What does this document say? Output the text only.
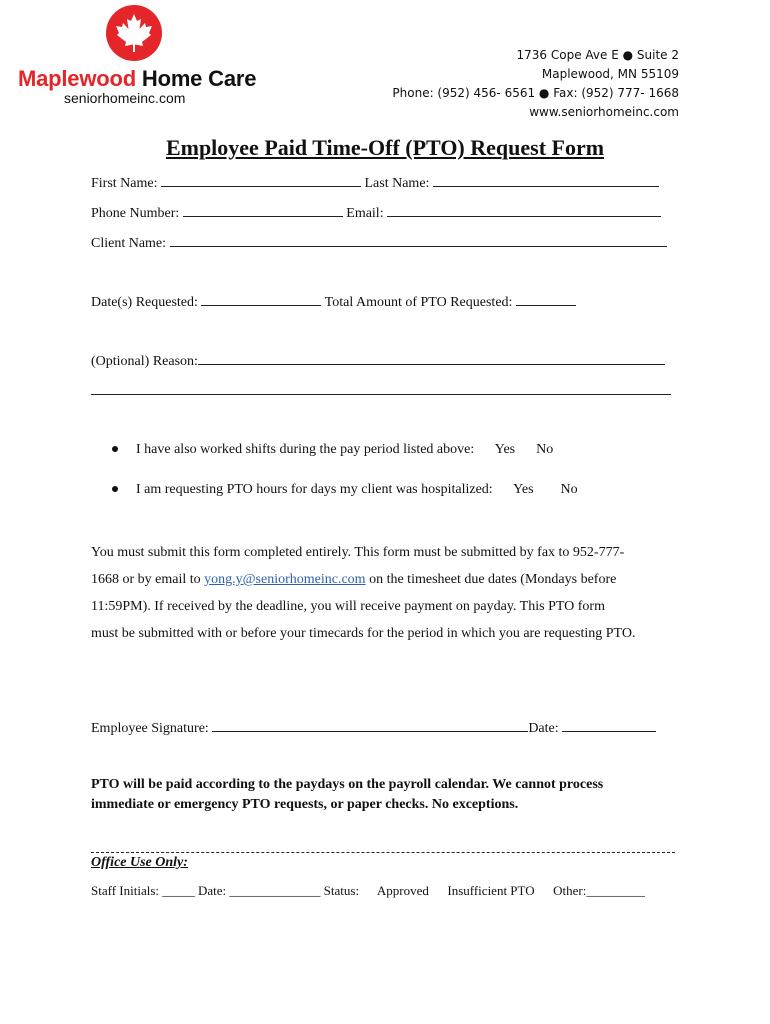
Maplewood Home Care
seniorhomeinc.com
1736 Cope Ave E ● Suite 2
Maplewood, MN 55109
Phone: (952) 456- 6561 ● Fax: (952) 777- 1668
www.seniorhomeinc.com
Employee Paid Time-Off (PTO) Request Form
First Name:	Last Name:
Phone Number:	Email:
Client Name:
Date(s) Requested:	Total Amount of PTO Requested:
(Optional) Reason:
I have also worked shifts during the pay period listed above: Yes No
I am requesting PTO hours for days my client was hospitalized: Yes No
You must submit this form completed entirely. This form must be submitted by fax to 952-777-
1668 or by email to yong.y@seniorhomeinc.com on the timesheet due dates (Mondays before
11:59PM). If received by the deadline, you will receive payment on payday. This PTO form
must be submitted with or before your timecards for the period in which you are requesting PTO.
Employee Signature:	Date:
PTO will be paid according to the paydays on the payroll calendar. We cannot process
immediate or emergency PTO requests, or paper checks. No exceptions.
Office Use Only:
Staff Initials: _____ Date: ______________ Status: Approved Insufficient PTO Other:_________
